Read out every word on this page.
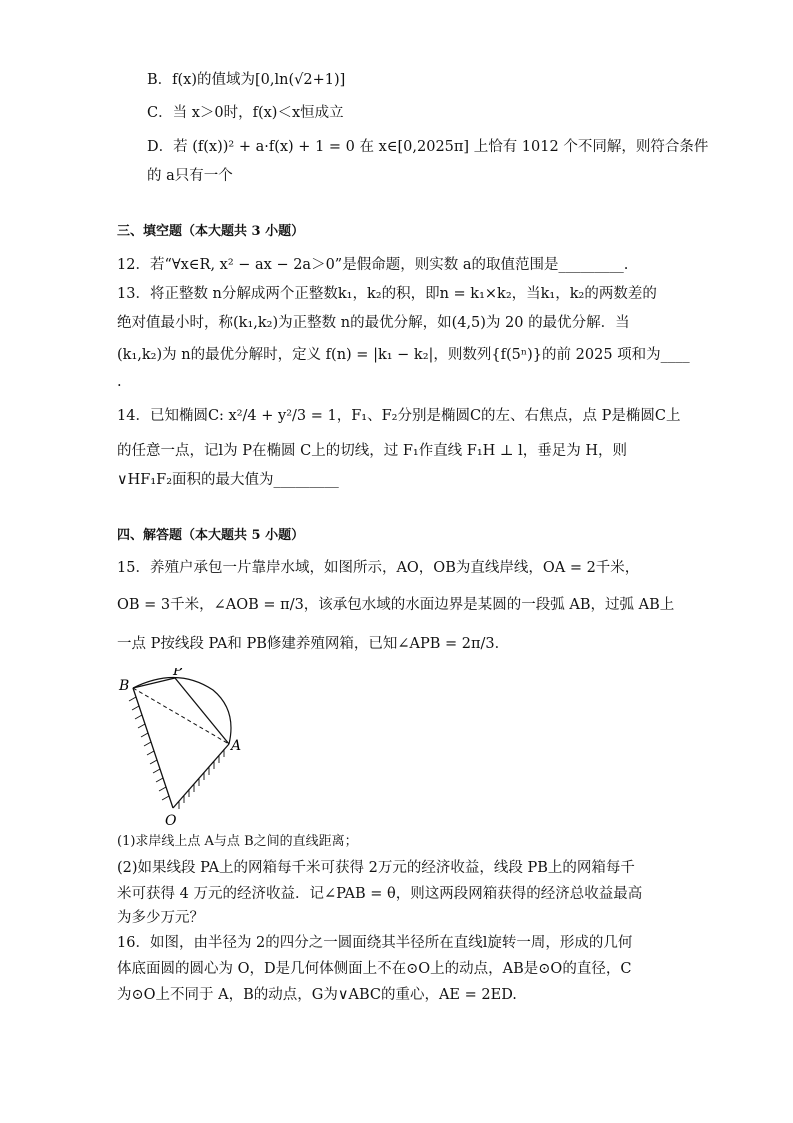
B．f(x)的值域为[0,ln(√2+1)]
C．当 x＞0时，f(x)＜x恒成立
D．若 (f(x))² + a·f(x) + 1 = 0 在 x∈[0,2025π] 上恰有 1012 个不同解，则符合条件
的 a只有一个
三、填空题（本大题共 3 小题）
12．若“∀x∈R, x² − ax − 2a＞0”是假命题，则实数 a的取值范围是_________.
13．将正整数 n分解成两个正整数k₁，k₂的积，即n = k₁×k₂，当k₁，k₂的两数差的
绝对值最小时，称(k₁,k₂)为正整数 n的最优分解，如(4,5)为 20 的最优分解．当
(k₁,k₂)为 n的最优分解时，定义 f(n) = |k₁ − k₂|，则数列{f(5ⁿ)}的前 2025 项和为____
.
14．已知椭圆C: x²/4 + y²/3 = 1，F₁、F₂分别是椭圆C的左、右焦点，点 P是椭圆C上
的任意一点，记l为 P在椭圆 C上的切线，过 F₁作直线 F₁H ⊥ l，垂足为 H，则
∨HF₁F₂面积的最大值为_________
四、解答题（本大题共 5 小题）
15．养殖户承包一片靠岸水域，如图所示，AO，OB为直线岸线，OA = 2千米，
OB = 3千米，∠AOB = π/3，该承包水域的水面边界是某圆的一段弧 AB，过弧 AB上
一点 P按线段 PA和 PB修建养殖网箱，已知∠APB = 2π/3．
B
P
A
O
(1)求岸线上点 A与点 B之间的直线距离；
(2)如果线段 PA上的网箱每千米可获得 2万元的经济收益，线段 PB上的网箱每千
米可获得 4 万元的经济收益．记∠PAB = θ，则这两段网箱获得的经济总收益最高
为多少万元？
16．如图，由半径为 2的四分之一圆面绕其半径所在直线l旋转一周，形成的几何
体底面圆的圆心为 O，D是几何体侧面上不在⊙O上的动点，AB是⊙O的直径，C
为⊙O上不同于 A，B的动点，G为∨ABC的重心，AE = 2ED.
